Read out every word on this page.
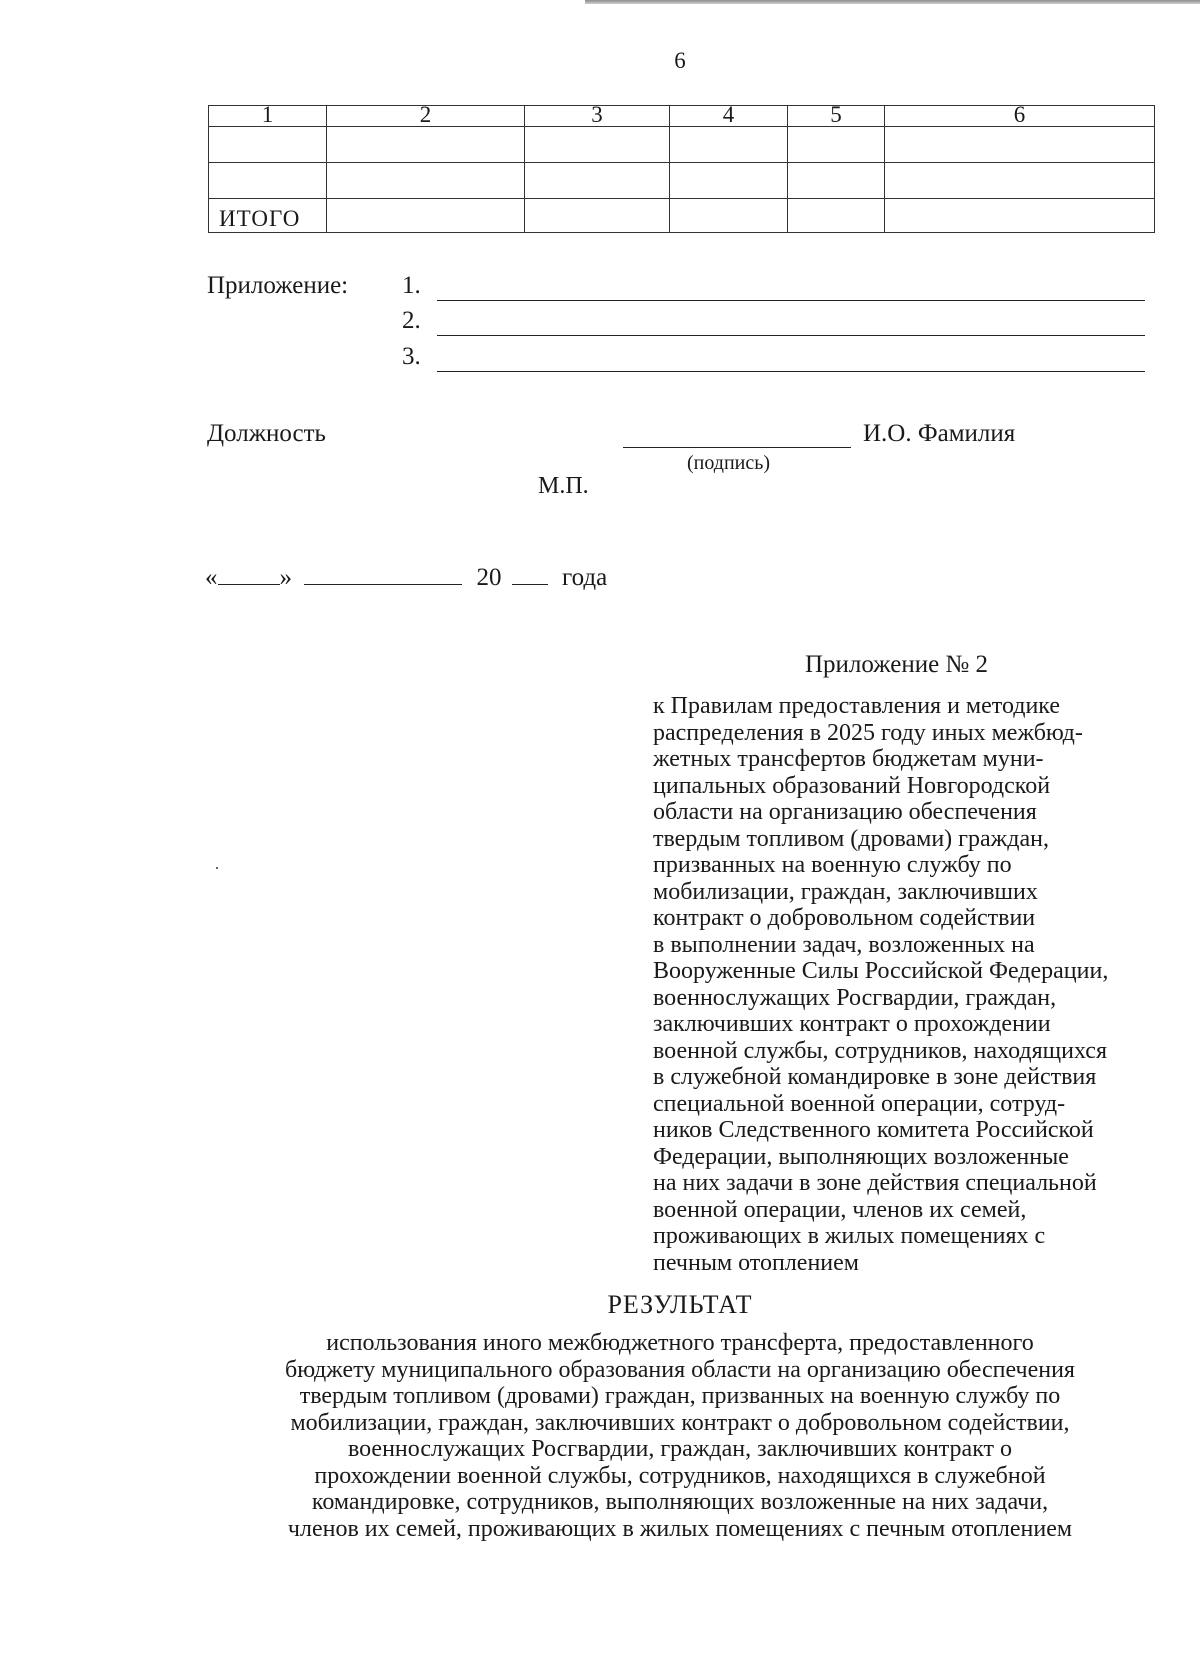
6
1	2	3	4	5	6

ИТОГО					
Приложение: 1.
2.
3.
Должность
(подпись)
И.О. Фамилия
М.П.
« »	20 года
Приложение № 2
к Правилам предоставления и методике
распределения в 2025 году иных межбюд-
жетных трансфертов бюджетам муни-
ципальных образований Новгородской
области на организацию обеспечения
твердым топливом (дровами) граждан,
призванных на военную службу по
мобилизации, граждан, заключивших
контракт о добровольном содействии
в выполнении задач, возложенных на
Вооруженные Силы Российской Федерации,
военнослужащих Росгвардии, граждан,
заключивших контракт о прохождении
военной службы, сотрудников, находящихся
в служебной командировке в зоне действия
специальной военной операции, сотруд-
ников Следственного комитета Российской
Федерации, выполняющих возложенные
на них задачи в зоне действия специальной
военной операции, членов их семей,
проживающих в жилых помещениях с
печным отоплением
РЕЗУЛЬТАТ
использования иного межбюджетного трансферта, предоставленного
бюджету муниципального образования области на организацию обеспечения
твердым топливом (дровами) граждан, призванных на военную службу по
мобилизации, граждан, заключивших контракт о добровольном содействии,
военнослужащих Росгвардии, граждан, заключивших контракт о
прохождении военной службы, сотрудников, находящихся в служебной
командировке, сотрудников, выполняющих возложенные на них задачи,
членов их семей, проживающих в жилых помещениях с печным отоплением
